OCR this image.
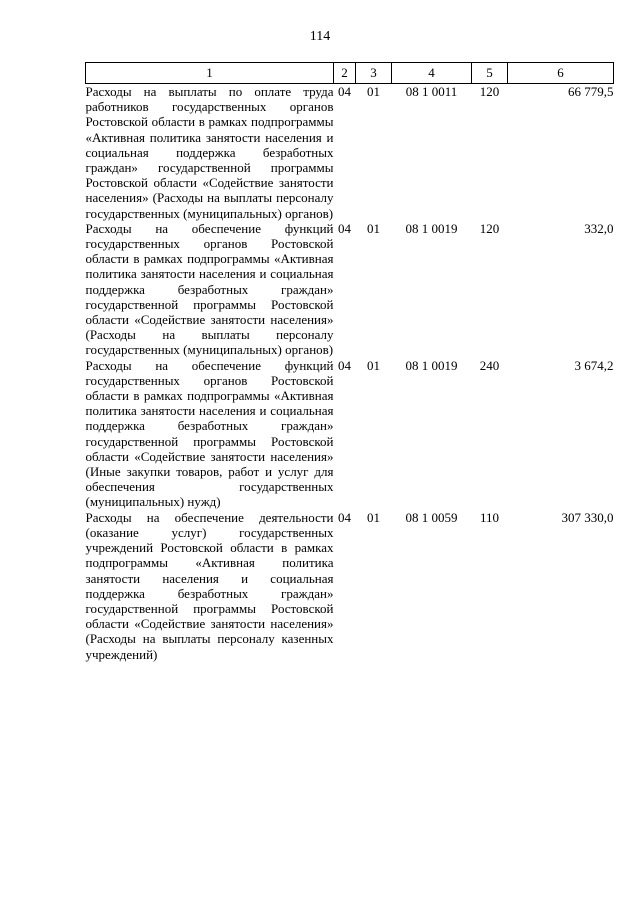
114
1	2	3	4	5	6
Расходы на выплаты по оплате труда работников государственных органов Ростовской области в рамках подпрограммы «Активная политика занятости населения и социальная поддержка безработных граждан» государственной программы Ростовской области «Содействие занятости населения» (Расходы на выплаты персоналу государственных (муниципальных) органов)	04	01	08 1 0011	120	66 779,5
Расходы на обеспечение функций государственных органов Ростовской области в рамках подпрограммы «Активная политика занятости населения и социальная поддержка безработных граждан» государственной программы Ростовской области «Содействие занятости населения» (Расходы на выплаты персоналу государственных (муниципальных) органов)	04	01	08 1 0019	120	332,0
Расходы на обеспечение функций государственных органов Ростовской области в рамках подпрограммы «Активная политика занятости населения и социальная поддержка безработных граждан» государственной программы Ростовской области «Содействие занятости населения» (Иные закупки товаров, работ и услуг для обеспечения государственных (муниципальных) нужд)	04	01	08 1 0019	240	3 674,2
Расходы на обеспечение деятельности (оказание услуг) государственных учреждений Ростовской области в рамках подпрограммы «Активная политика занятости населения и социальная поддержка безработных граждан» государственной программы Ростовской области «Содействие занятости населения» (Расходы на выплаты персоналу казенных учреждений)	04	01	08 1 0059	110	307 330,0
